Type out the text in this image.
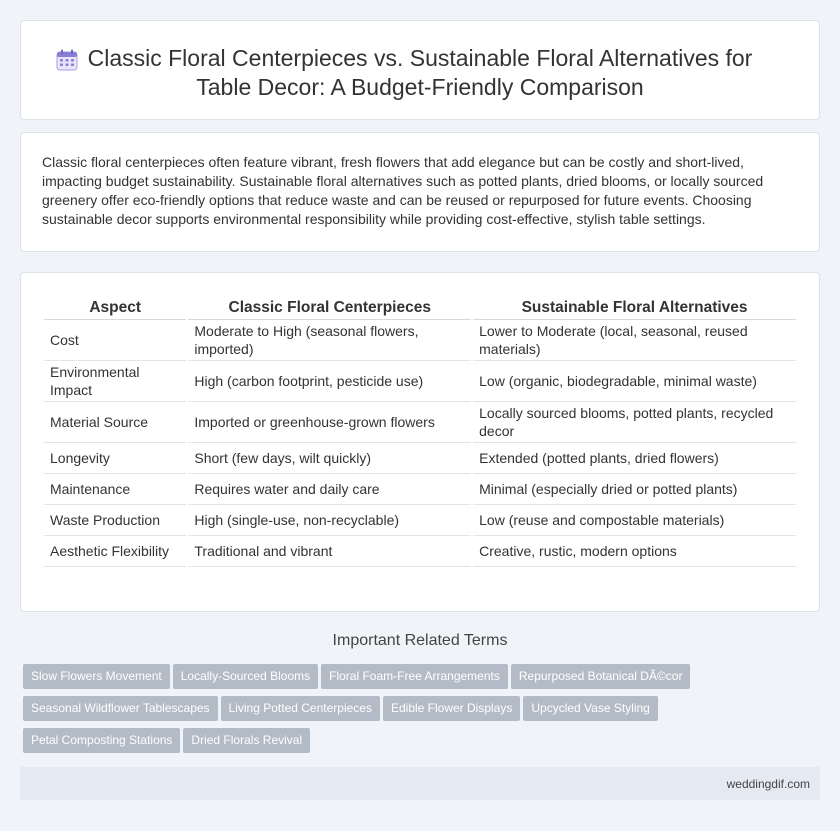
Classic Floral Centerpieces vs. Sustainable Floral Alternatives for Table Decor: A Budget-Friendly Comparison

Classic floral centerpieces often feature vibrant, fresh flowers that add elegance but can be costly and short-lived, impacting budget sustainability. Sustainable floral alternatives such as potted plants, dried blooms, or locally sourced greenery offer eco-friendly options that reduce waste and can be reused or repurposed for future events. Choosing sustainable decor supports environmental responsibility while providing cost-effective, stylish table settings.

Aspect	Classic Floral Centerpieces	Sustainable Floral Alternatives
Cost	Moderate to High (seasonal flowers, imported)	Lower to Moderate (local, seasonal, reused materials)
Environmental Impact	High (carbon footprint, pesticide use)	Low (organic, biodegradable, minimal waste)
Material Source	Imported or greenhouse-grown flowers	Locally sourced blooms, potted plants, recycled decor
Longevity	Short (few days, wilt quickly)	Extended (potted plants, dried flowers)
Maintenance	Requires water and daily care	Minimal (especially dried or potted plants)
Waste Production	High (single-use, non-recyclable)	Low (reuse and compostable materials)
Aesthetic Flexibility	Traditional and vibrant	Creative, rustic, modern options
Important Related Terms
Slow Flowers Movement Locally-Sourced Blooms Floral Foam-Free Arrangements Repurposed Botanical DÃ©cor
Seasonal Wildflower Tablescapes Living Potted Centerpieces Edible Flower Displays Upcycled Vase Styling
Petal Composting Stations Dried Florals Revival
weddingdif.com
